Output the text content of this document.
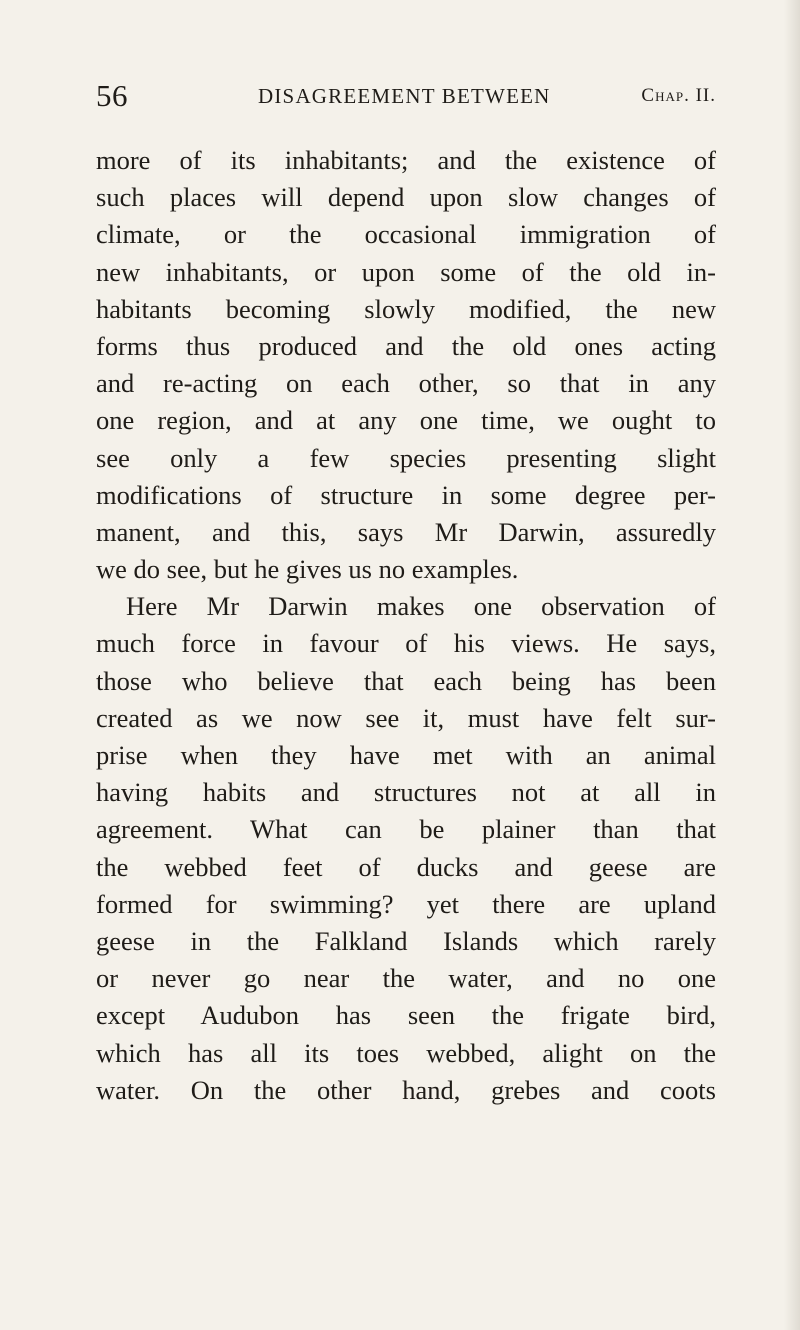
56	DISAGREEMENT BETWEEN	Chap. II.
more of its inhabitants; and the existence of
such places will depend upon slow changes of
climate, or the occasional immigration of
new inhabitants, or upon some of the old in-
habitants becoming slowly modified, the new
forms thus produced and the old ones acting
and re-acting on each other, so that in any
one region, and at any one time, we ought to
see only a few species presenting slight
modifications of structure in some degree per-
manent, and this, says Mr Darwin, assuredly
we do see, but he gives us no examples.
Here Mr Darwin makes one observation of
much force in favour of his views. He says,
those who believe that each being has been
created as we now see it, must have felt sur-
prise when they have met with an animal
having habits and structures not at all in
agreement. What can be plainer than that
the webbed feet of ducks and geese are
formed for swimming? yet there are upland
geese in the Falkland Islands which rarely
or never go near the water, and no one
except Audubon has seen the frigate bird,
which has all its toes webbed, alight on the
water. On the other hand, grebes and coots
